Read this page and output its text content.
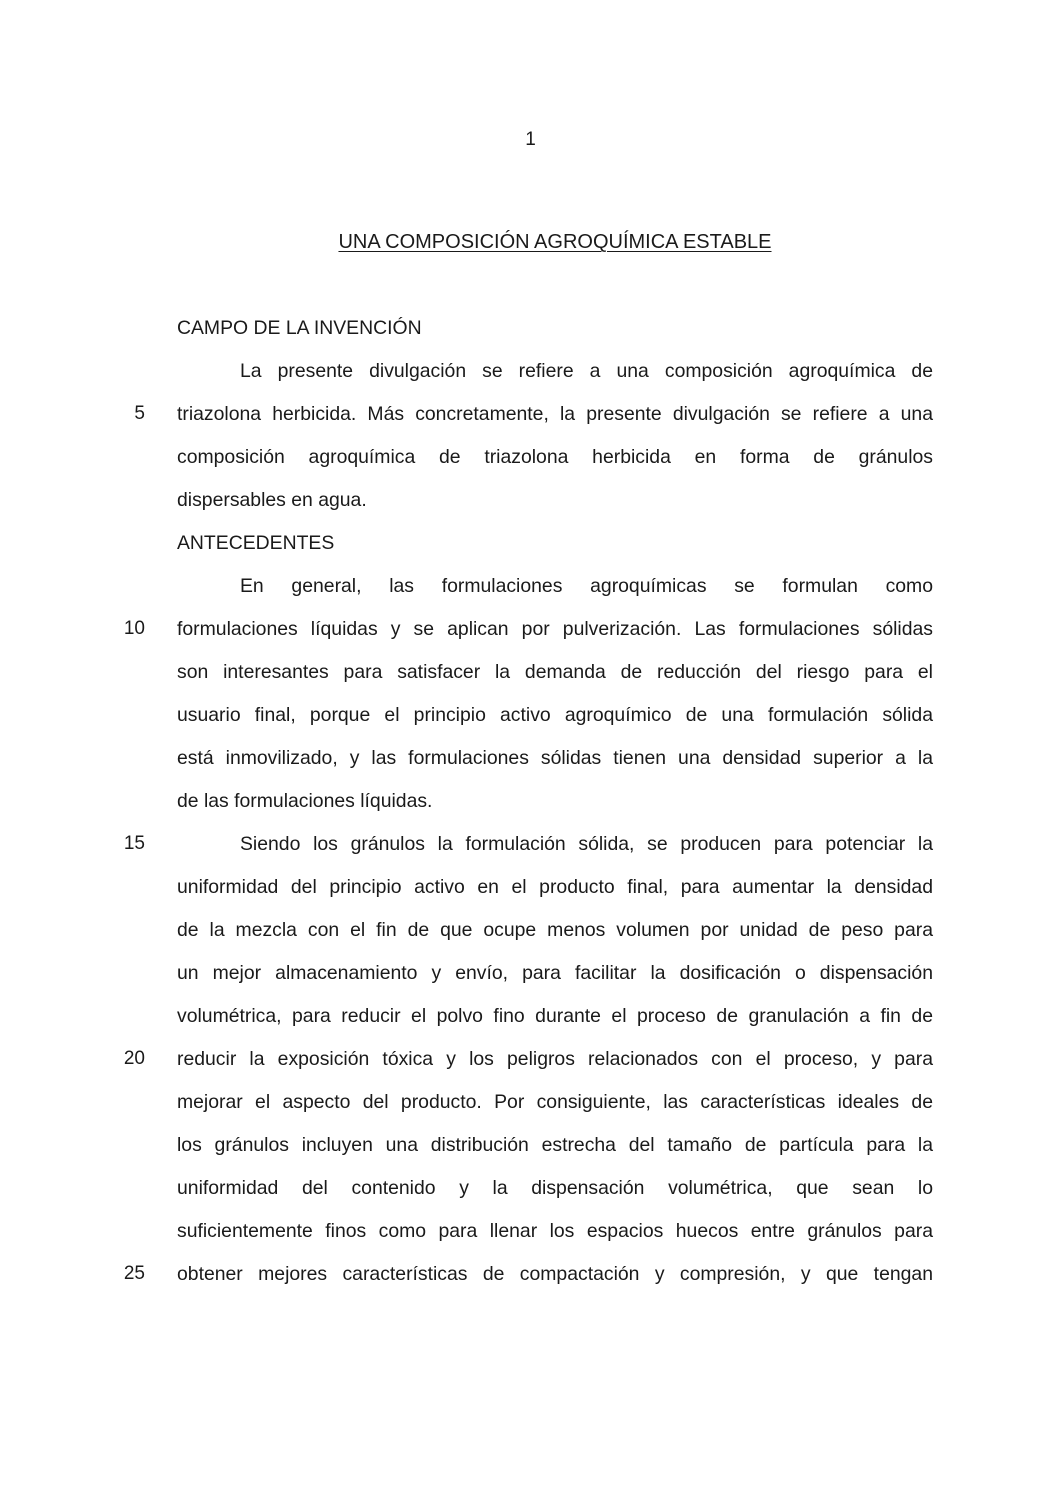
1
UNA COMPOSICIÓN AGROQUÍMICA ESTABLE
CAMPO DE LA INVENCIÓN
La presente divulgación se refiere a una composición agroquímica de
5 triazolona herbicida. Más concretamente, la presente divulgación se refiere a una
composición agroquímica de triazolona herbicida en forma de gránulos
dispersables en agua.
ANTECEDENTES
En general, las formulaciones agroquímicas se formulan como
10 formulaciones líquidas y se aplican por pulverización. Las formulaciones sólidas
son interesantes para satisfacer la demanda de reducción del riesgo para el
usuario final, porque el principio activo agroquímico de una formulación sólida
está inmovilizado, y las formulaciones sólidas tienen una densidad superior a la
de las formulaciones líquidas.
15	Siendo los gránulos la formulación sólida, se producen para potenciar la
uniformidad del principio activo en el producto final, para aumentar la densidad
de la mezcla con el fin de que ocupe menos volumen por unidad de peso para
un mejor almacenamiento y envío, para facilitar la dosificación o dispensación
volumétrica, para reducir el polvo fino durante el proceso de granulación a fin de
20 reducir la exposición tóxica y los peligros relacionados con el proceso, y para
mejorar el aspecto del producto. Por consiguiente, las características ideales de
los gránulos incluyen una distribución estrecha del tamaño de partícula para la
uniformidad del contenido y la dispensación volumétrica, que sean lo
suficientemente finos como para llenar los espacios huecos entre gránulos para
25 obtener mejores características de compactación y compresión, y que tengan
